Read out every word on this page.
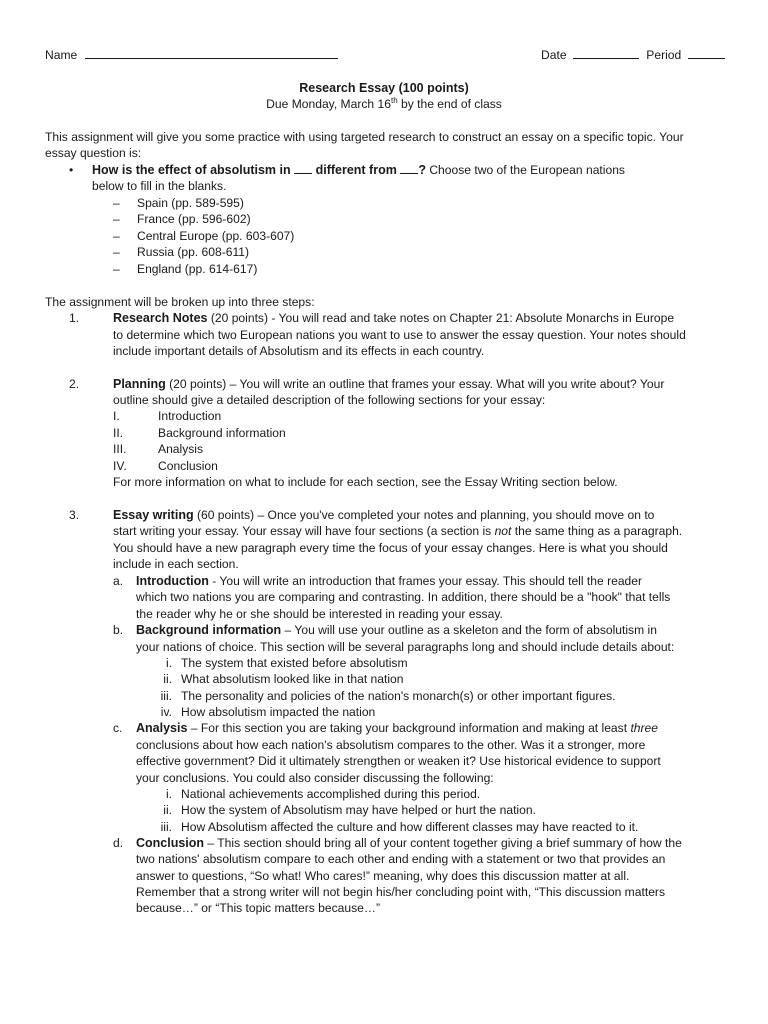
Name	Date	Period
Research Essay (100 points)
Due Monday, March 16th by the end of class
This assignment will give you some practice with using targeted research to construct an essay on a specific topic. Your
essay question is:
• How is the effect of absolutism in  different from ? Choose two of the European nations
below to fill in the blanks.
– Spain (pp. 589-595)
– France (pp. 596-602)
– Central Europe (pp. 603-607)
– Russia (pp. 608-611)
– England (pp. 614-617)
The assignment will be broken up into three steps:
1.	Research Notes (20 points) - You will read and take notes on Chapter 21: Absolute Monarchs in Europe
to determine which two European nations you want to use to answer the essay question. Your notes should
include important details of Absolutism and its effects in each country.
2.	Planning (20 points) – You will write an outline that frames your essay. What will you write about? Your
outline should give a detailed description of the following sections for your essay:
I.	Introduction
II.	Background information
III.	Analysis
IV.	Conclusion
For more information on what to include for each section, see the Essay Writing section below.
3.	Essay writing (60 points) – Once you've completed your notes and planning, you should move on to
start writing your essay. Your essay will have four sections (a section is not the same thing as a paragraph.
You should have a new paragraph every time the focus of your essay changes. Here is what you should
include in each section.
a. Introduction - You will write an introduction that frames your essay. This should tell the reader
which two nations you are comparing and contrasting. In addition, there should be a "hook" that tells
the reader why he or she should be interested in reading your essay.
b. Background information – You will use your outline as a skeleton and the form of absolutism in
your nations of choice. This section will be several paragraphs long and should include details about:
i. The system that existed before absolutism
ii. What absolutism looked like in that nation
iii. The personality and policies of the nation's monarch(s) or other important figures.
iv. How absolutism impacted the nation
c. Analysis – For this section you are taking your background information and making at least three
conclusions about how each nation's absolutism compares to the other. Was it a stronger, more
effective government? Did it ultimately strengthen or weaken it? Use historical evidence to support
your conclusions. You could also consider discussing the following:
i. National achievements accomplished during this period.
ii. How the system of Absolutism may have helped or hurt the nation.
iii. How Absolutism affected the culture and how different classes may have reacted to it.
d. Conclusion – This section should bring all of your content together giving a brief summary of how the
two nations' absolutism compare to each other and ending with a statement or two that provides an
answer to questions, “So what! Who cares!” meaning, why does this discussion matter at all.
Remember that a strong writer will not begin his/her concluding point with, “This discussion matters
because…” or “This topic matters because…”
